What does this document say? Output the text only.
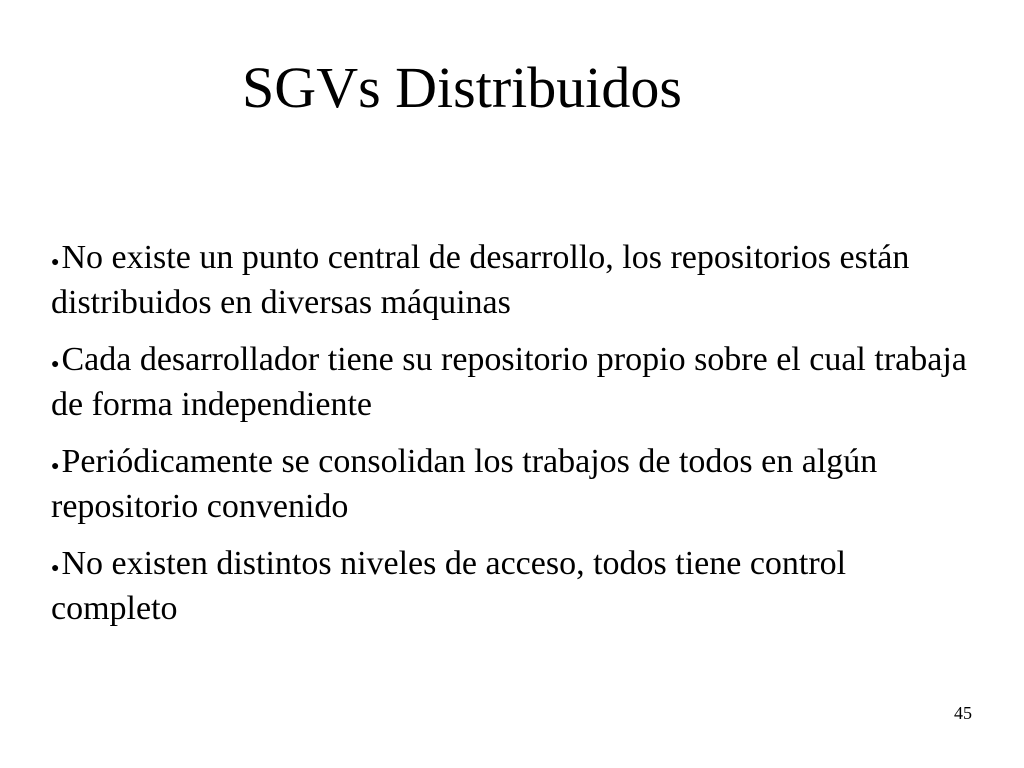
SGVs Distribuidos
●No existe un punto central de desarrollo, los repositorios están distribuidos en diversas máquinas
●Cada desarrollador tiene su repositorio propio sobre el cual trabaja de forma independiente
●Periódicamente se consolidan los trabajos de todos en algún repositorio convenido
●No existen distintos niveles de acceso, todos tiene control completo
45
